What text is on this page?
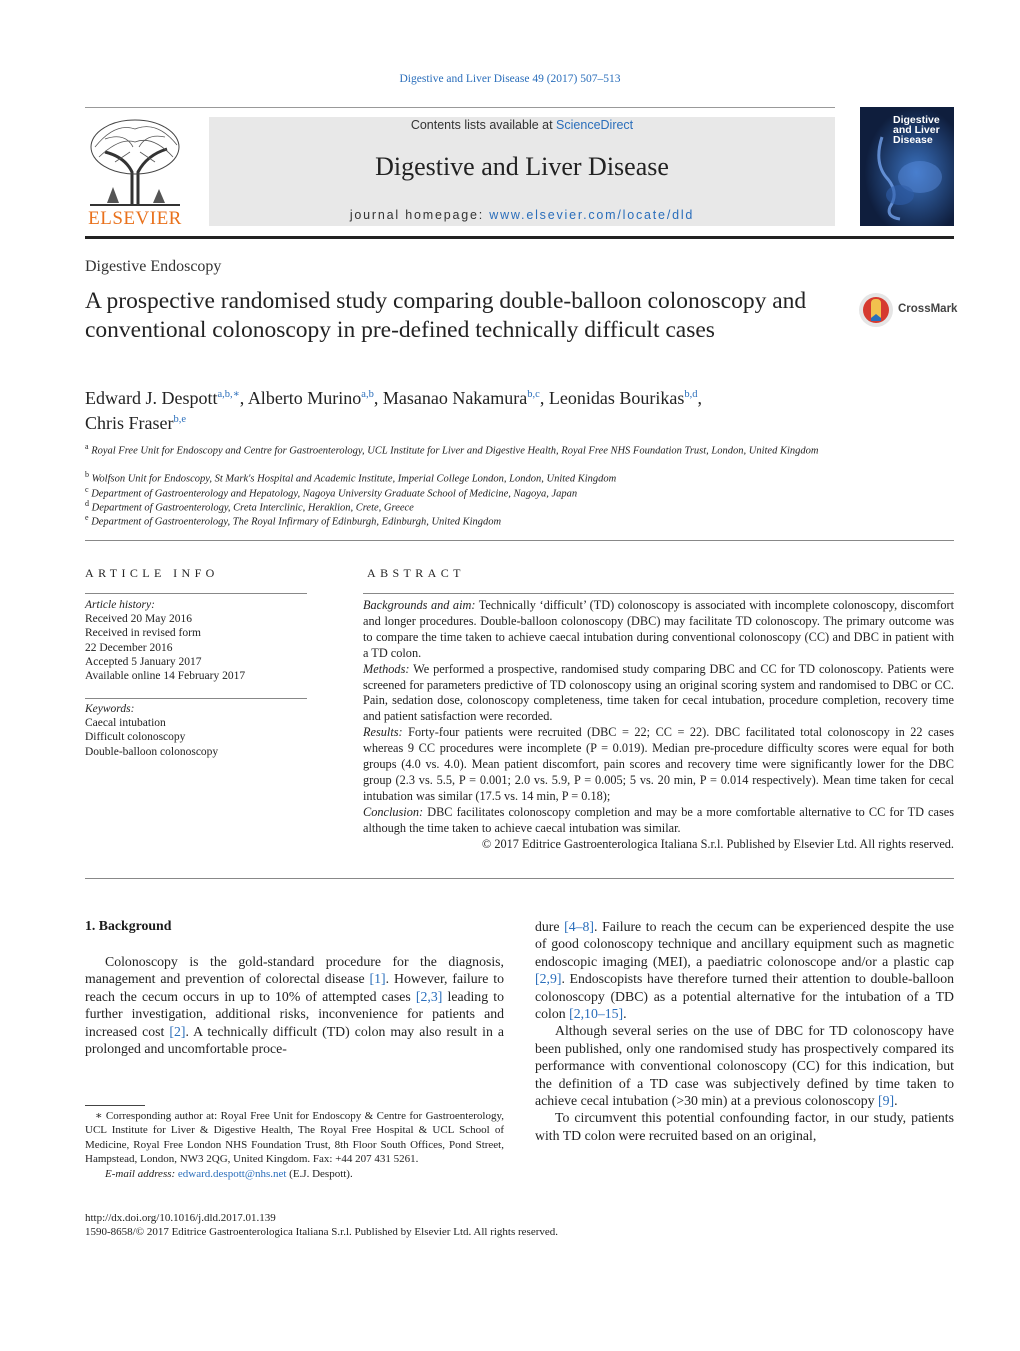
Digestive and Liver Disease 49 (2017) 507–513
ELSEVIER
Contents lists available at ScienceDirect
Digestive and Liver Disease
journal homepage: www.elsevier.com/locate/dld
Digestive and Liver Disease
Digestive Endoscopy
A prospective randomised study comparing double-balloon colonoscopy and conventional colonoscopy in pre-defined technically difficult cases
CrossMark
Edward J. Despott$^{a,b,∗}$, Alberto Murino$^{a,b}$, Masanao Nakamura$^{b,c}$, Leonidas Bourikas$^{b,d}$,
Chris Fraser$^{b,e}$
$^a$ Royal Free Unit for Endoscopy and Centre for Gastroenterology, UCL Institute for Liver and Digestive Health, Royal Free NHS Foundation Trust, London, United Kingdom
$^b$ Wolfson Unit for Endoscopy, St Mark's Hospital and Academic Institute, Imperial College London, London, United Kingdom
$^c$ Department of Gastroenterology and Hepatology, Nagoya University Graduate School of Medicine, Nagoya, Japan
$^d$ Department of Gastroenterology, Creta Interclinic, Heraklion, Crete, Greece
$^e$ Department of Gastroenterology, The Royal Infirmary of Edinburgh, Edinburgh, United Kingdom
ARTICLE INFO
Article history:
Received 20 May 2016
Received in revised form
22 December 2016
Accepted 5 January 2017
Available online 14 February 2017
Keywords:
Caecal intubation
Difficult colonoscopy
Double-balloon colonoscopy
ABSTRACT
Backgrounds and aim: Technically ‘difficult’ (TD) colonoscopy is associated with incomplete colonoscopy, discomfort and longer procedures. Double-balloon colonoscopy (DBC) may facilitate TD colonoscopy. The primary outcome was to compare the time taken to achieve caecal intubation during conventional colonoscopy (CC) and DBC in patient with a TD colon.
Methods: We performed a prospective, randomised study comparing DBC and CC for TD colonoscopy. Patients were screened for parameters predictive of TD colonoscopy using an original scoring system and randomised to DBC or CC. Pain, sedation dose, colonoscopy completeness, time taken for cecal intubation, procedure completion, recovery time and patient satisfaction were recorded.
Results: Forty-four patients were recruited (DBC = 22; CC = 22). DBC facilitated total colonoscopy in 22 cases whereas 9 CC procedures were incomplete (P = 0.019). Median pre-procedure difficulty scores were equal for both groups (4.0 vs. 4.0). Mean patient discomfort, pain scores and recovery time were significantly lower for the DBC group (2.3 vs. 5.5, P = 0.001; 2.0 vs. 5.9, P = 0.005; 5 vs. 20 min, P = 0.014 respectively). Mean time taken for cecal intubation was similar (17.5 vs. 14 min, P = 0.18);
Conclusion: DBC facilitates colonoscopy completion and may be a more comfortable alternative to CC for TD cases although the time taken to achieve caecal intubation was similar.
© 2017 Editrice Gastroenterologica Italiana S.r.l. Published by Elsevier Ltd. All rights reserved.
1. Background

Colonoscopy is the gold-standard procedure for the diagnosis, management and prevention of colorectal disease [1]. However, failure to reach the cecum occurs in up to 10% of attempted cases [2,3] leading to further investigation, additional risks, inconvenience for patients and increased cost [2]. A technically difficult (TD) colon may also result in a prolonged and uncomfortable proce-

dure [4–8]. Failure to reach the cecum can be experienced despite the use of good colonoscopy technique and ancillary equipment such as magnetic endoscopic imaging (MEI), a paediatric colonoscope and/or a plastic cap [2,9]. Endoscopists have therefore turned their attention to double-balloon colonoscopy (DBC) as a potential alternative for the intubation of a TD colon [2,10–15].

Although several series on the use of DBC for TD colonoscopy have been published, only one randomised study has prospectively compared its performance with conventional colonoscopy (CC) for this indication, but the definition of a TD case was subjectively defined by time taken to achieve cecal intubation (>30 min) at a previous colonoscopy [9].

To circumvent this potential confounding factor, in our study, patients with TD colon were recruited based on an original,

∗ Corresponding author at: Royal Free Unit for Endoscopy & Centre for Gastroenterology, UCL Institute for Liver & Digestive Health, The Royal Free Hospital & UCL School of Medicine, Royal Free London NHS Foundation Trust, 8th Floor South Offices, Pond Street, Hampstead, London, NW3 2QG, United Kingdom. Fax: +44 207 431 5261.
E-mail address: edward.despott@nhs.net (E.J. Despott).
http://dx.doi.org/10.1016/j.dld.2017.01.139
1590-8658/© 2017 Editrice Gastroenterologica Italiana S.r.l. Published by Elsevier Ltd. All rights reserved.
